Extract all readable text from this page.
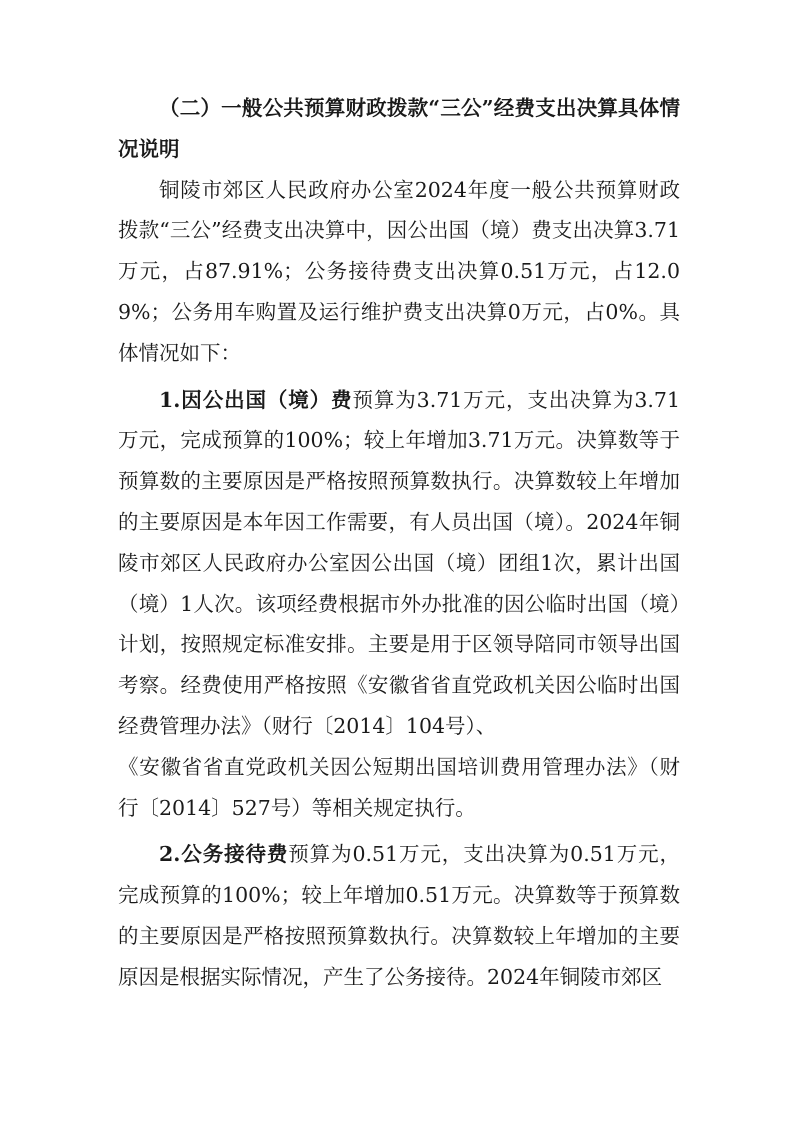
（二）一般公共预算财政拨款“三公”经费支出决算具体情况说明

铜陵市郊区人民政府办公室2024年度一般公共预算财政拨款“三公”经费支出决算中，因公出国（境）费支出决算3.71万元，占87.91%；公务接待费支出决算0.51万元，占12.09%；公务用车购置及运行维护费支出决算0万元，占0%。具体情况如下：

1.因公出国（境）费预算为3.71万元，支出决算为3.71万元，完成预算的100%；较上年增加3.71万元。决算数等于预算数的主要原因是严格按照预算数执行。决算数较上年增加的主要原因是本年因工作需要，有人员出国（境）。2024年铜陵市郊区人民政府办公室因公出国（境）团组1次，累计出国（境）1人次。该项经费根据市外办批准的因公临时出国（境）计划，按照规定标准安排。主要是用于区领导陪同市领导出国考察。经费使用严格按照《安徽省省直党政机关因公临时出国经费管理办法》（财行〔2014〕104号）、

《安徽省省直党政机关因公短期出国培训费用管理办法》（财行〔2014〕527号）等相关规定执行。

2.公务接待费预算为0.51万元，支出决算为0.51万元，完成预算的100%；较上年增加0.51万元。决算数等于预算数的主要原因是严格按照预算数执行。决算数较上年增加的主要原因是根据实际情况，产生了公务接待。2024年铜陵市郊区
